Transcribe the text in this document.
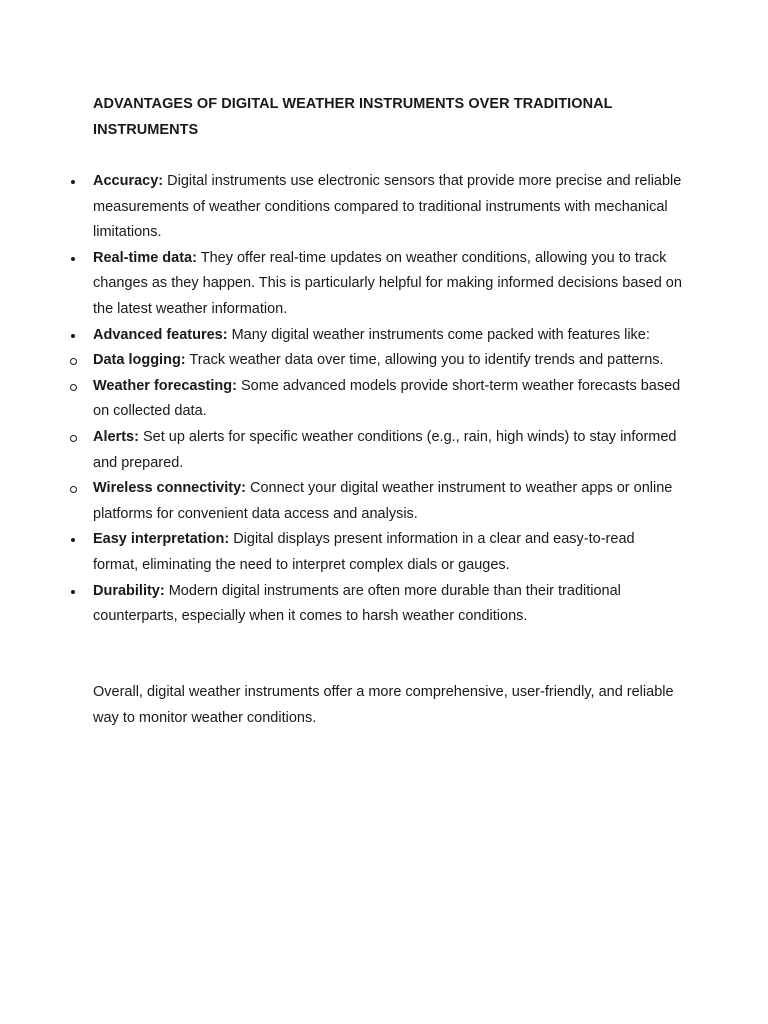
ADVANTAGES OF DIGITAL WEATHER INSTRUMENTS OVER TRADITIONAL INSTRUMENTS
Accuracy: Digital instruments use electronic sensors that provide more precise and reliable measurements of weather conditions compared to traditional instruments with mechanical limitations.
Real-time data: They offer real-time updates on weather conditions, allowing you to track changes as they happen. This is particularly helpful for making informed decisions based on the latest weather information.
Advanced features: Many digital weather instruments come packed with features like:
Data logging: Track weather data over time, allowing you to identify trends and patterns.
Weather forecasting: Some advanced models provide short-term weather forecasts based on collected data.
Alerts: Set up alerts for specific weather conditions (e.g., rain, high winds) to stay informed and prepared.
Wireless connectivity: Connect your digital weather instrument to weather apps or online platforms for convenient data access and analysis.
Easy interpretation: Digital displays present information in a clear and easy-to-read format, eliminating the need to interpret complex dials or gauges.
Durability: Modern digital instruments are often more durable than their traditional counterparts, especially when it comes to harsh weather conditions.

Overall, digital weather instruments offer a more comprehensive, user-friendly, and reliable way to monitor weather conditions.
